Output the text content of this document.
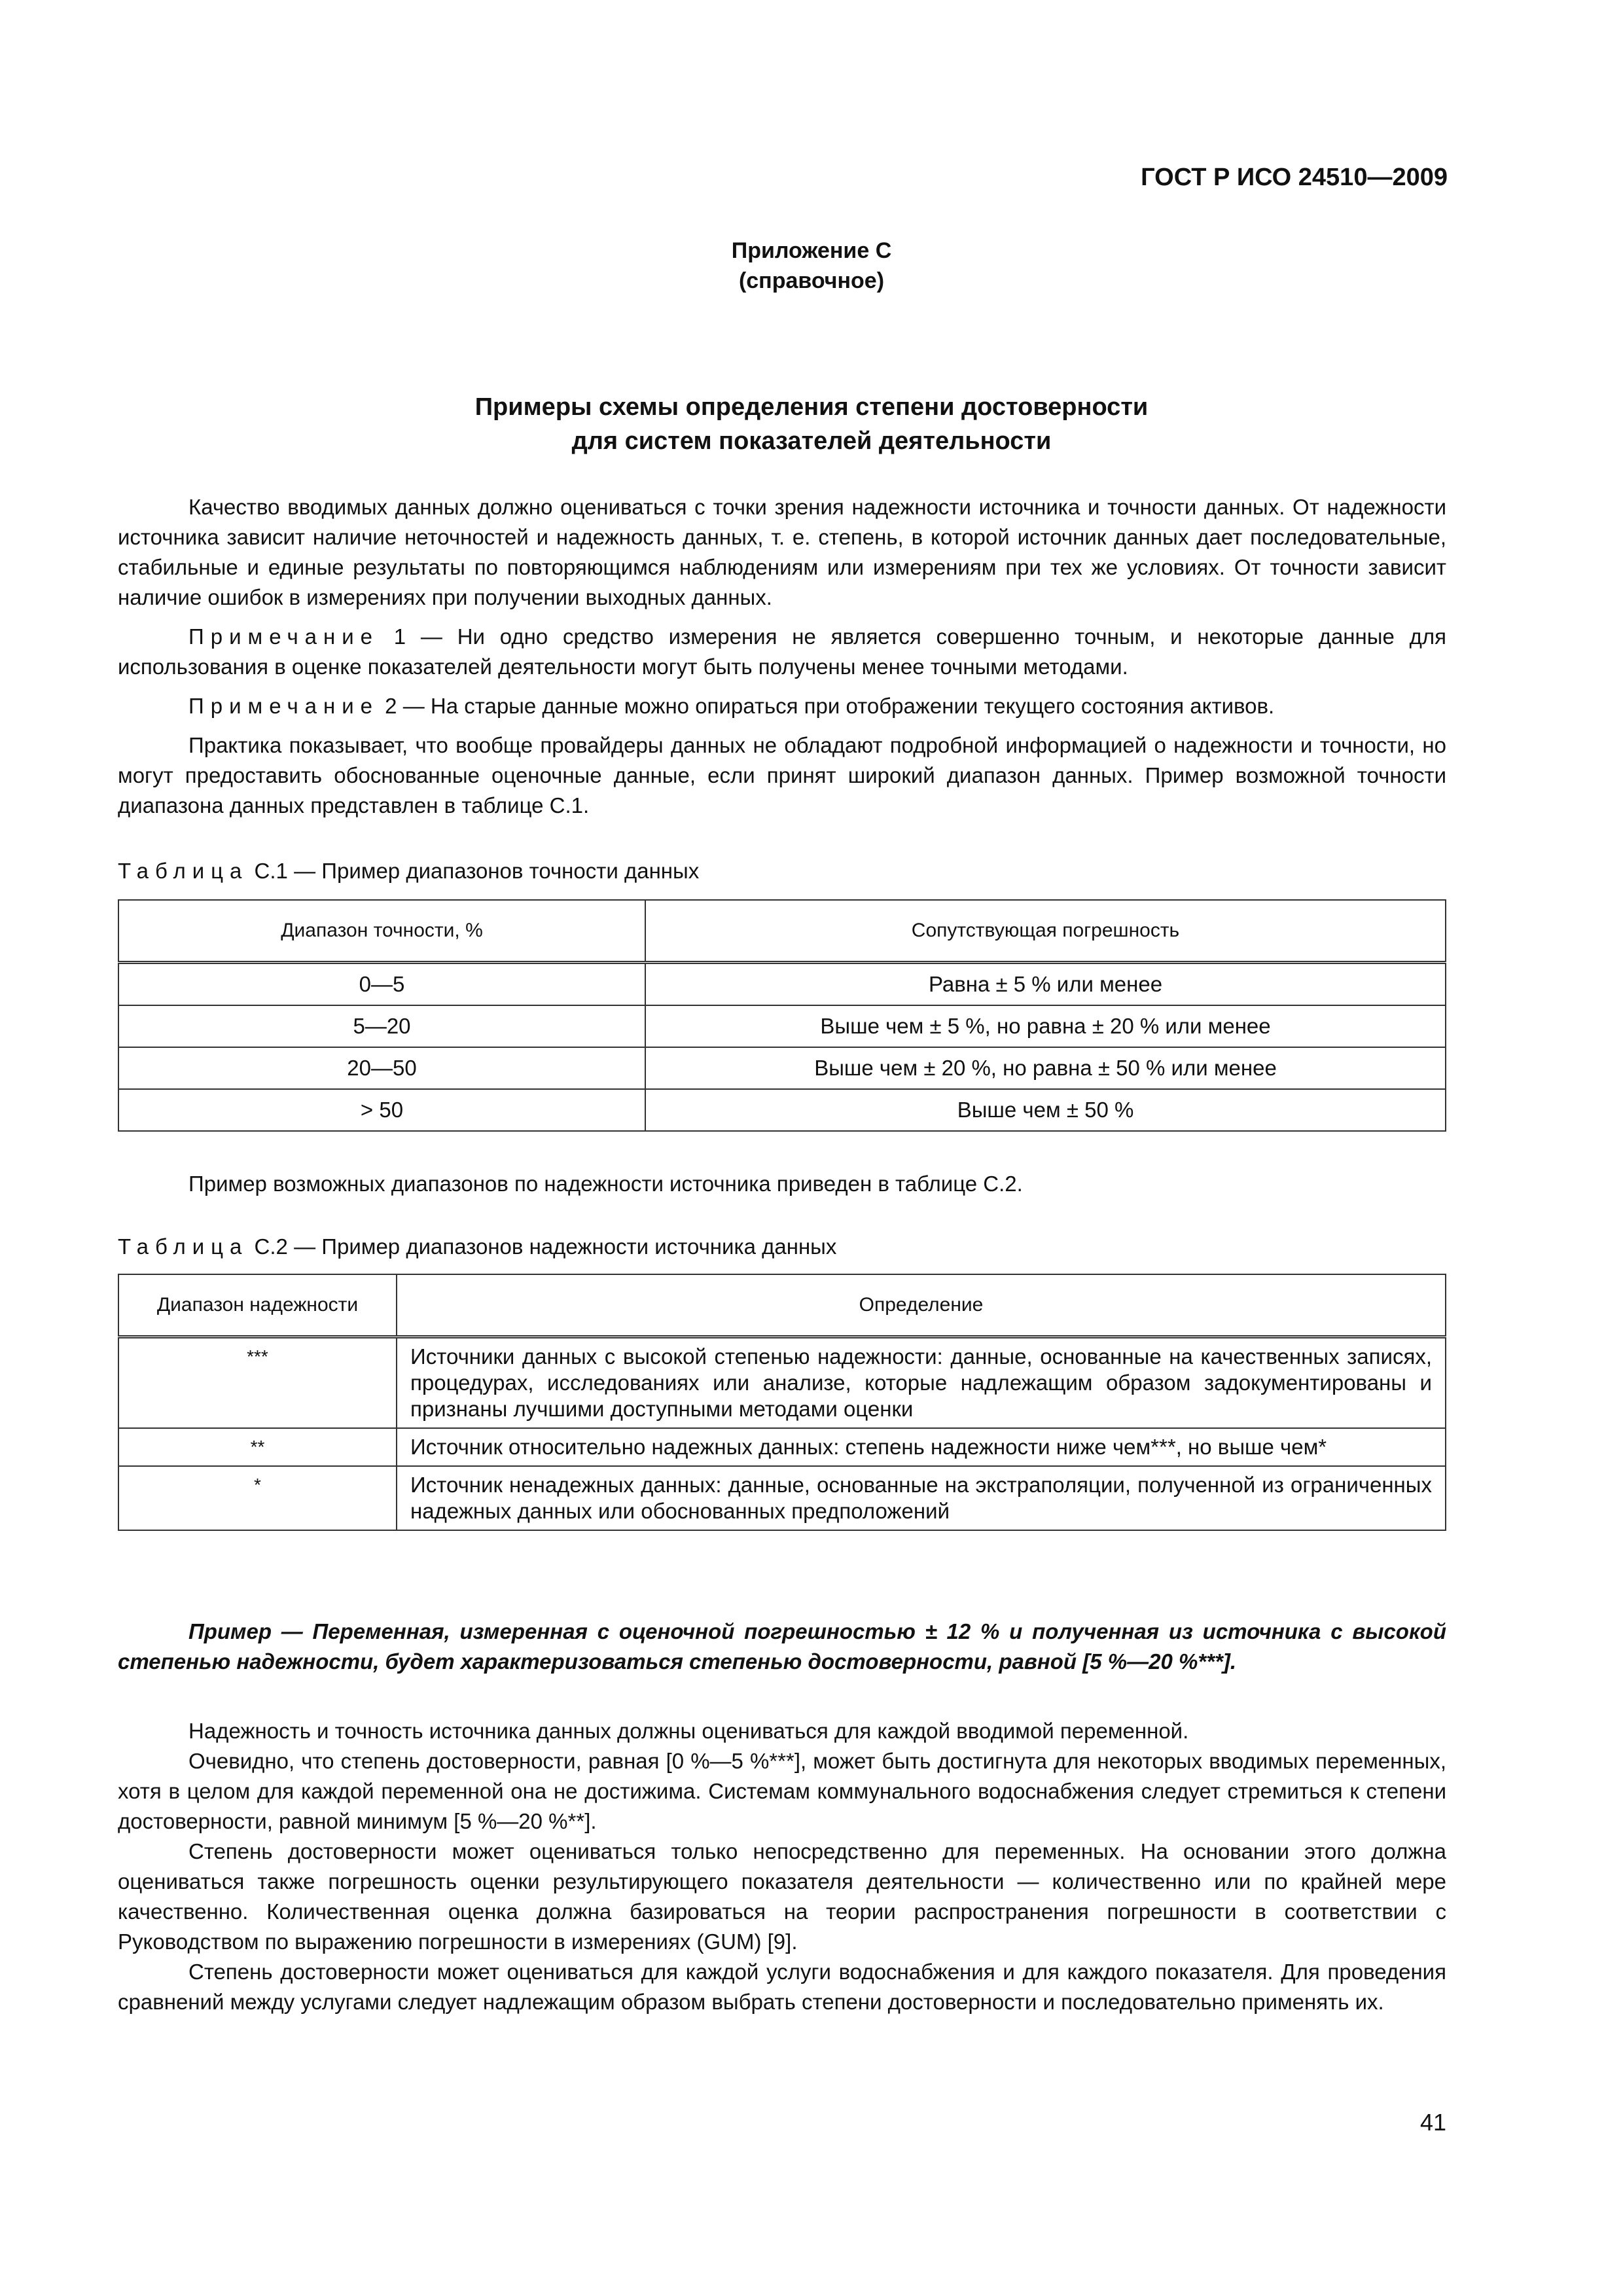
ГОСТ Р ИСО 24510—2009
Приложение C
(справочное)
Примеры схемы определения степени достоверности
для систем показателей деятельности

Качество вводимых данных должно оцениваться с точки зрения надежности источника и точности данных. От надежности источника зависит наличие неточностей и надежность данных, т. е. степень, в которой источник данных дает последовательные, стабильные и единые результаты по повторяющимся наблюдениям или измерениям при тех же условиях. От точности зависит наличие ошибок в измерениях при получении выходных данных.

Примечание 1 — Ни одно средство измерения не является совершенно точным, и некоторые данные для использования в оценке показателей деятельности могут быть получены менее точными методами.

Примечание 2 — На старые данные можно опираться при отображении текущего состояния активов.

Практика показывает, что вообще провайдеры данных не обладают подробной информацией о надежности и точности, но могут предоставить обоснованные оценочные данные, если принят широкий диапазон данных. Пример возможной точности диапазона данных представлен в таблице C.1.

Таблица C.1 — Пример диапазонов точности данных
Диапазон точности, %	Сопутствующая погрешность
0—5	Равна ± 5 % или менее
5—20	Выше чем ± 5 %, но равна ± 20 % или менее
20—50	Выше чем ± 20 %, но равна ± 50 % или менее
> 50	Выше чем ± 50 %

Пример возможных диапазонов по надежности источника приведен в таблице C.2.

Таблица C.2 — Пример диапазонов надежности источника данных
Диапазон надежности	Определение
***	Источники данных с высокой степенью надежности: данные, основанные на качественных записях, процедурах, исследованиях или анализе, которые надлежащим образом задокументированы и признаны лучшими доступными методами оценки
**	Источник относительно надежных данных: степень надежности ниже чем***, но выше чем*
*	Источник ненадежных данных: данные, основанные на экстраполяции, полученной из ограниченных надежных данных или обоснованных предположений
Пример — Переменная, измеренная с оценочной погрешностью ± 12 % и полученная из источника с высокой степенью надежности, будет характеризоваться степенью достоверности, равной [5 %—20 %***].

Надежность и точность источника данных должны оцениваться для каждой вводимой переменной.

Очевидно, что степень достоверности, равная [0 %—5 %***], может быть достигнута для некоторых вводимых переменных, хотя в целом для каждой переменной она не достижима. Системам коммунального водоснабжения следует стремиться к степени достоверности, равной минимум [5 %—20 %**].

Степень достоверности может оцениваться только непосредственно для переменных. На основании этого должна оцениваться также погрешность оценки результирующего показателя деятельности — количественно или по крайней мере качественно. Количественная оценка должна базироваться на теории распространения погрешности в соответствии с Руководством по выражению погрешности в измерениях (GUM) [9].

Степень достоверности может оцениваться для каждой услуги водоснабжения и для каждого показателя. Для проведения сравнений между услугами следует надлежащим образом выбрать степени достоверности и последовательно применять их.

41
